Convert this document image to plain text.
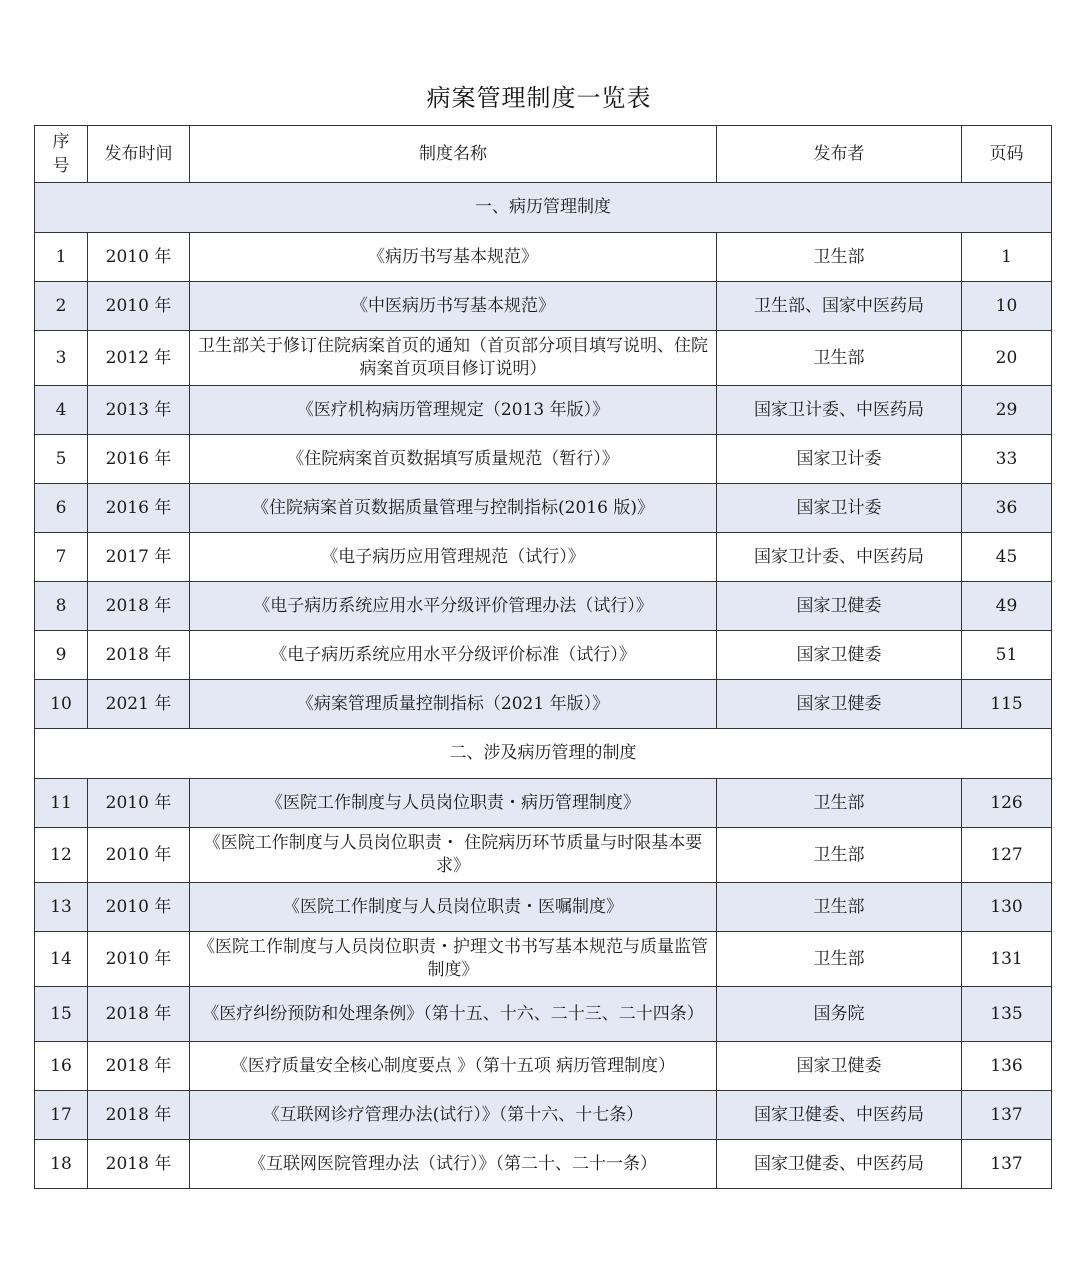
病案管理制度一览表
序
号	发布时间	制度名称	发布者	页码
一、病历管理制度				
1	2010 年	《病历书写基本规范》	卫生部	1
2	2010 年	《中医病历书写基本规范》	卫生部、国家中医药局	10
3	2012 年	卫生部关于修订住院病案首页的通知（首页部分项目填写说明、住院病案首页项目修订说明）	卫生部	20
4	2013 年	《医疗机构病历管理规定（2013 年版）》	国家卫计委、中医药局	29
5	2016 年	《住院病案首页数据填写质量规范（暂行）》	国家卫计委	33
6	2016 年	《住院病案首页数据质量管理与控制指标(2016 版)》	国家卫计委	36
7	2017 年	《电子病历应用管理规范（试行）》	国家卫计委、中医药局	45
8	2018 年	《电子病历系统应用水平分级评价管理办法（试行）》	国家卫健委	49
9	2018 年	《电子病历系统应用水平分级评价标准（试行）》	国家卫健委	51
10	2021 年	《病案管理质量控制指标（2021 年版）》	国家卫健委	115
二、涉及病历管理的制度				
11	2010 年	《医院工作制度与人员岗位职责・病历管理制度》	卫生部	126
12	2010 年	《医院工作制度与人员岗位职责・ 住院病历环节质量与时限基本要求》	卫生部	127
13	2010 年	《医院工作制度与人员岗位职责・医嘱制度》	卫生部	130
14	2010 年	《医院工作制度与人员岗位职责・护理文书书写基本规范与质量监管制度》	卫生部	131
15	2018 年	《医疗纠纷预防和处理条例》（第十五、十六、二十三、二十四条）	国务院	135
16	2018 年	《医疗质量安全核心制度要点 》（第十五项 病历管理制度）	国家卫健委	136
17	2018 年	《互联网诊疗管理办法(试行）》（第十六、十七条）	国家卫健委、中医药局	137
18	2018 年	《互联网医院管理办法（试行）》（第二十、二十一条）	国家卫健委、中医药局	137
